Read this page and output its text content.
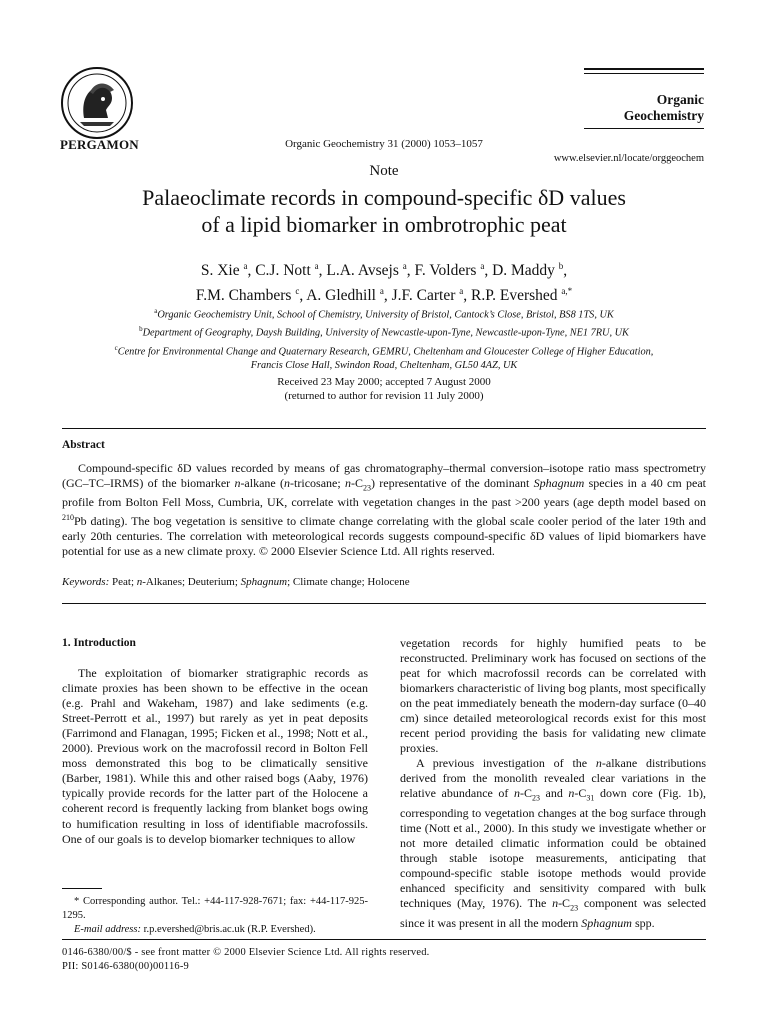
PERGAMON	Organic Geochemistry 31 (2000) 1053–1057
Organic
Geochemistry
www.elsevier.nl/locate/orggeochem
Note
Palaeoclimate records in compound-specific δD values
of a lipid biomarker in ombrotrophic peat
S. Xie $^a$, C.J. Nott $^a$, L.A. Avsejs $^a$, F. Volders $^a$, D. Maddy $^b$,
F.M. Chambers $^c$, A. Gledhill $^a$, J.F. Carter $^a$, R.P. Evershed $^{a,*}$
$^a$Organic Geochemistry Unit, School of Chemistry, University of Bristol, Cantock’s Close, Bristol, BS8 1TS, UK
$^b$Department of Geography, Daysh Building, University of Newcastle-upon-Tyne, Newcastle-upon-Tyne, NE1 7RU, UK
$^c$Centre for Environmental Change and Quaternary Research, GEMRU, Cheltenham and Gloucester College of Higher Education,
Francis Close Hall, Swindon Road, Cheltenham, GL50 4AZ, UK
Received 23 May 2000; accepted 7 August 2000
(returned to author for revision 11 July 2000)
Abstract
Compound-specific δD values recorded by means of gas chromatography–thermal conversion–isotope ratio mass spectrometry (GC–TC–IRMS) of the biomarker n-alkane (n-tricosane; $n-C_{23}$) representative of the dominant Sphagnum species in a 40 cm peat profile from Bolton Fell Moss, Cumbria, UK, correlate with vegetation changes in the past >200 years (age depth model based on $^{210}$Pb dating). The bog vegetation is sensitive to climate change correlating with the global scale cooler period of the later 19th and early 20th centuries. The correlation with meteorological records suggests compound-specific δD values of lipid biomarkers have potential for use as a new climate proxy. © 2000 Elsevier Science Ltd. All rights reserved.
Keywords: Peat; n-Alkanes; Deuterium; Sphagnum; Climate change; Holocene

1. Introduction

The exploitation of biomarker stratigraphic records as climate proxies has been shown to be effective in the ocean (e.g. Prahl and Wakeham, 1987) and lake sediments (e.g. Street-Perrott et al., 1997) but rarely as yet in peat deposits (Farrimond and Flanagan, 1995; Ficken et al., 1998; Nott et al., 2000). Previous work on the macrofossil record in Bolton Fell moss demonstrated this bog to be climatically sensitive (Barber, 1981). While this and other raised bogs (Aaby, 1976) typically provide records for the latter part of the Holocene a coherent record is frequently lacking from blanket bogs owing to humification resulting in loss of identifiable macrofossils. One of our goals is to develop biomarker techniques to allow

vegetation records for highly humified peats to be reconstructed. Preliminary work has focused on sections of the peat for which macrofossil records can be correlated with biomarkers characteristic of living bog plants, most specifically on the peat immediately beneath the modern-day surface (0–40 cm) since detailed meteorological records exist for this most recent period providing the basis for validating new climate proxies.

A previous investigation of the n-alkane distributions derived from the monolith revealed clear variations in the relative abundance of $n-C_{23}$ and $n-C_{31}$ down core (Fig. 1b), corresponding to vegetation changes at the bog surface through time (Nott et al., 2000). In this study we investigate whether or not more detailed climatic information could be obtained through stable isotope measurements, anticipating that compound-specific stable isotope methods would provide enhanced specificity and sensitivity compared with bulk techniques (May, 1976). The $n-C_{23}$ component was selected since it was present in all the modern Sphagnum spp.

* Corresponding author. Tel.: +44-117-928-7671; fax: +44-117-925-1295.
E-mail address: r.p.evershed@bris.ac.uk (R.P. Evershed).
0146-6380/00/$ - see front matter © 2000 Elsevier Science Ltd. All rights reserved.
PII: S0146-6380(00)00116-9
